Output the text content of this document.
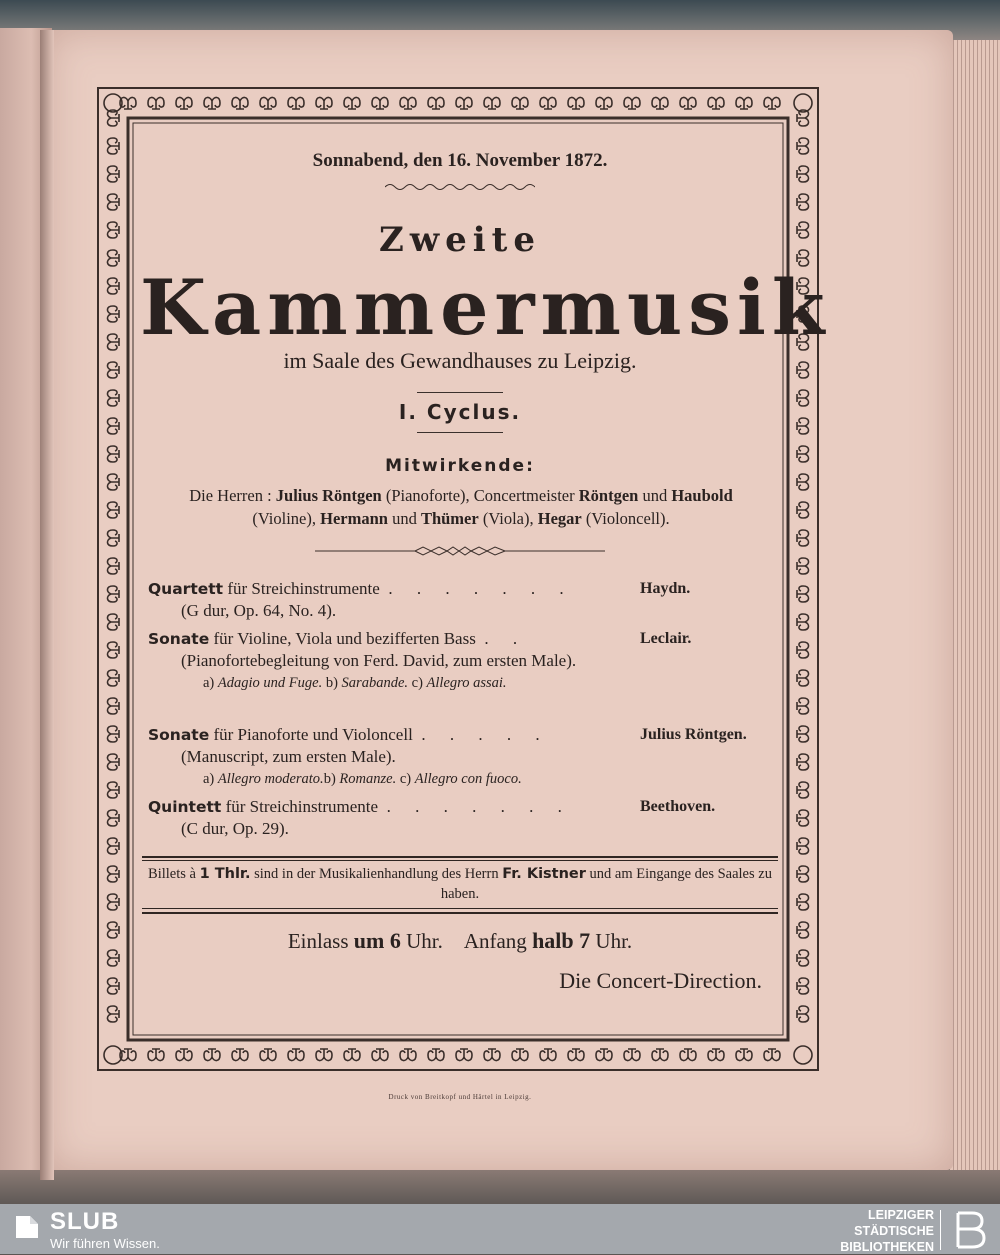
Sonnabend, den 16. November 1872.
Zweite
Kammermusik
im Saale des Gewandhauses zu Leipzig.
I. Cyclus.
Mitwirkende:
Die Herren : Julius Röntgen (Pianoforte), Concertmeister Röntgen und Haubold
(Violine), Hermann und Thümer (Viola), Hegar (Violoncell).
Quartett für Streichinstrumente . . . . . . .	Haydn.
(G dur, Op. 64, No. 4).
Sonate für Violine, Viola und bezifferten Bass . .	Leclair.
(Pianofortebegleitung von Ferd. David, zum ersten Male).
a) Adagio und Fuge. b) Sarabande. c) Allegro assai.
Sonate für Pianoforte und Violoncell . . . . .	Julius Röntgen.
(Manuscript, zum ersten Male).
a) Allegro moderato.b) Romanze. c) Allegro con fuoco.
Quintett für Streichinstrumente . . . . . . .	Beethoven.
(C dur, Op. 29).
Billets à 1 Thlr. sind in der Musikalienhandlung des Herrn Fr. Kistner und am Eingange des Saales zu haben.
Einlass um 6 Uhr. Anfang halb 7 Uhr.
Die Concert-Direction.
Druck von Breitkopf und Härtel in Leipzig.
SLUB
Wir führen Wissen.
LEIPZIGER
STÄDTISCHE
BIBLIOTHEKEN
